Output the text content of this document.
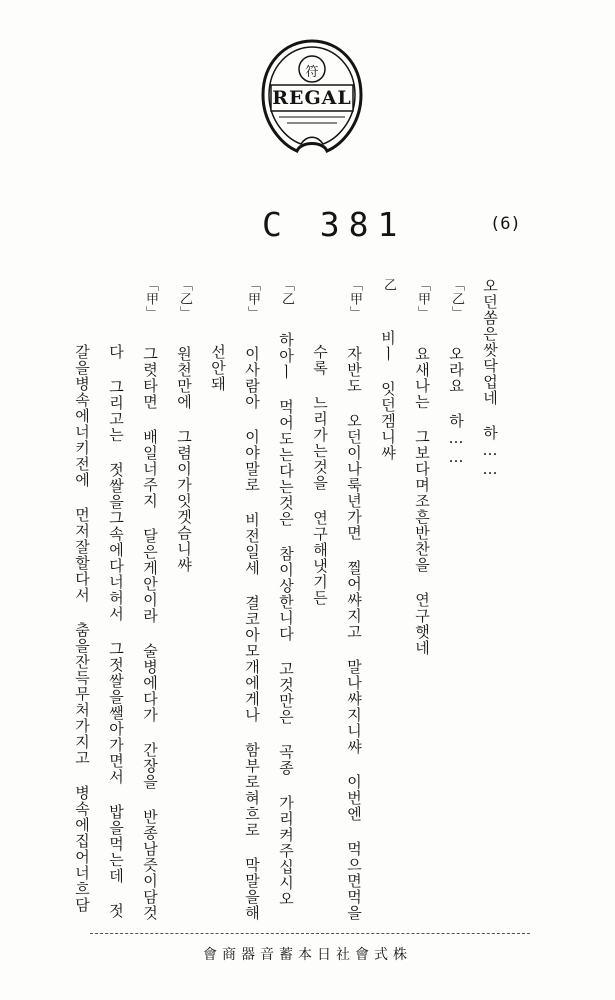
符
REGAL
C 381	(6)
오던쏨은쌋닥업네 하……
「乙」 오라요 하……
「甲」 요새나는 그보다며조흔반찬을 연구햇네
乙 비ㅣ 잇던겜니쌰
「甲」 자반도 오던이나룩년가면 찔어쌰지고 말나쌰지니쌰 이번엔 먹으면먹을
수록 느리가는것을 연구해냇기든
「乙 하아ㅣ 먹어도는다는것은 참이상한니다 고것만은 곡종 가리켜주십시오
「甲」 이사람아 이야말로 비전일세 결코아모개에게나 함부로혀흐로 막말을해
선안돼
「乙」 원천만에 그렴이가잇겟슴니쌰
「甲」 그렷타면 배일너주지 달은게안이라 술병에다가 간장을 반종남즛이담것
다 그리고는 젓쌀을그속에다너허서 그젓쌀을쌜아가면서 밥을먹는데 젓
갈을병속에너키전에 먼저잘할다서 춤을잔득무처가지고 병속에집어너흐담
會商器音蓄本日社會式株
